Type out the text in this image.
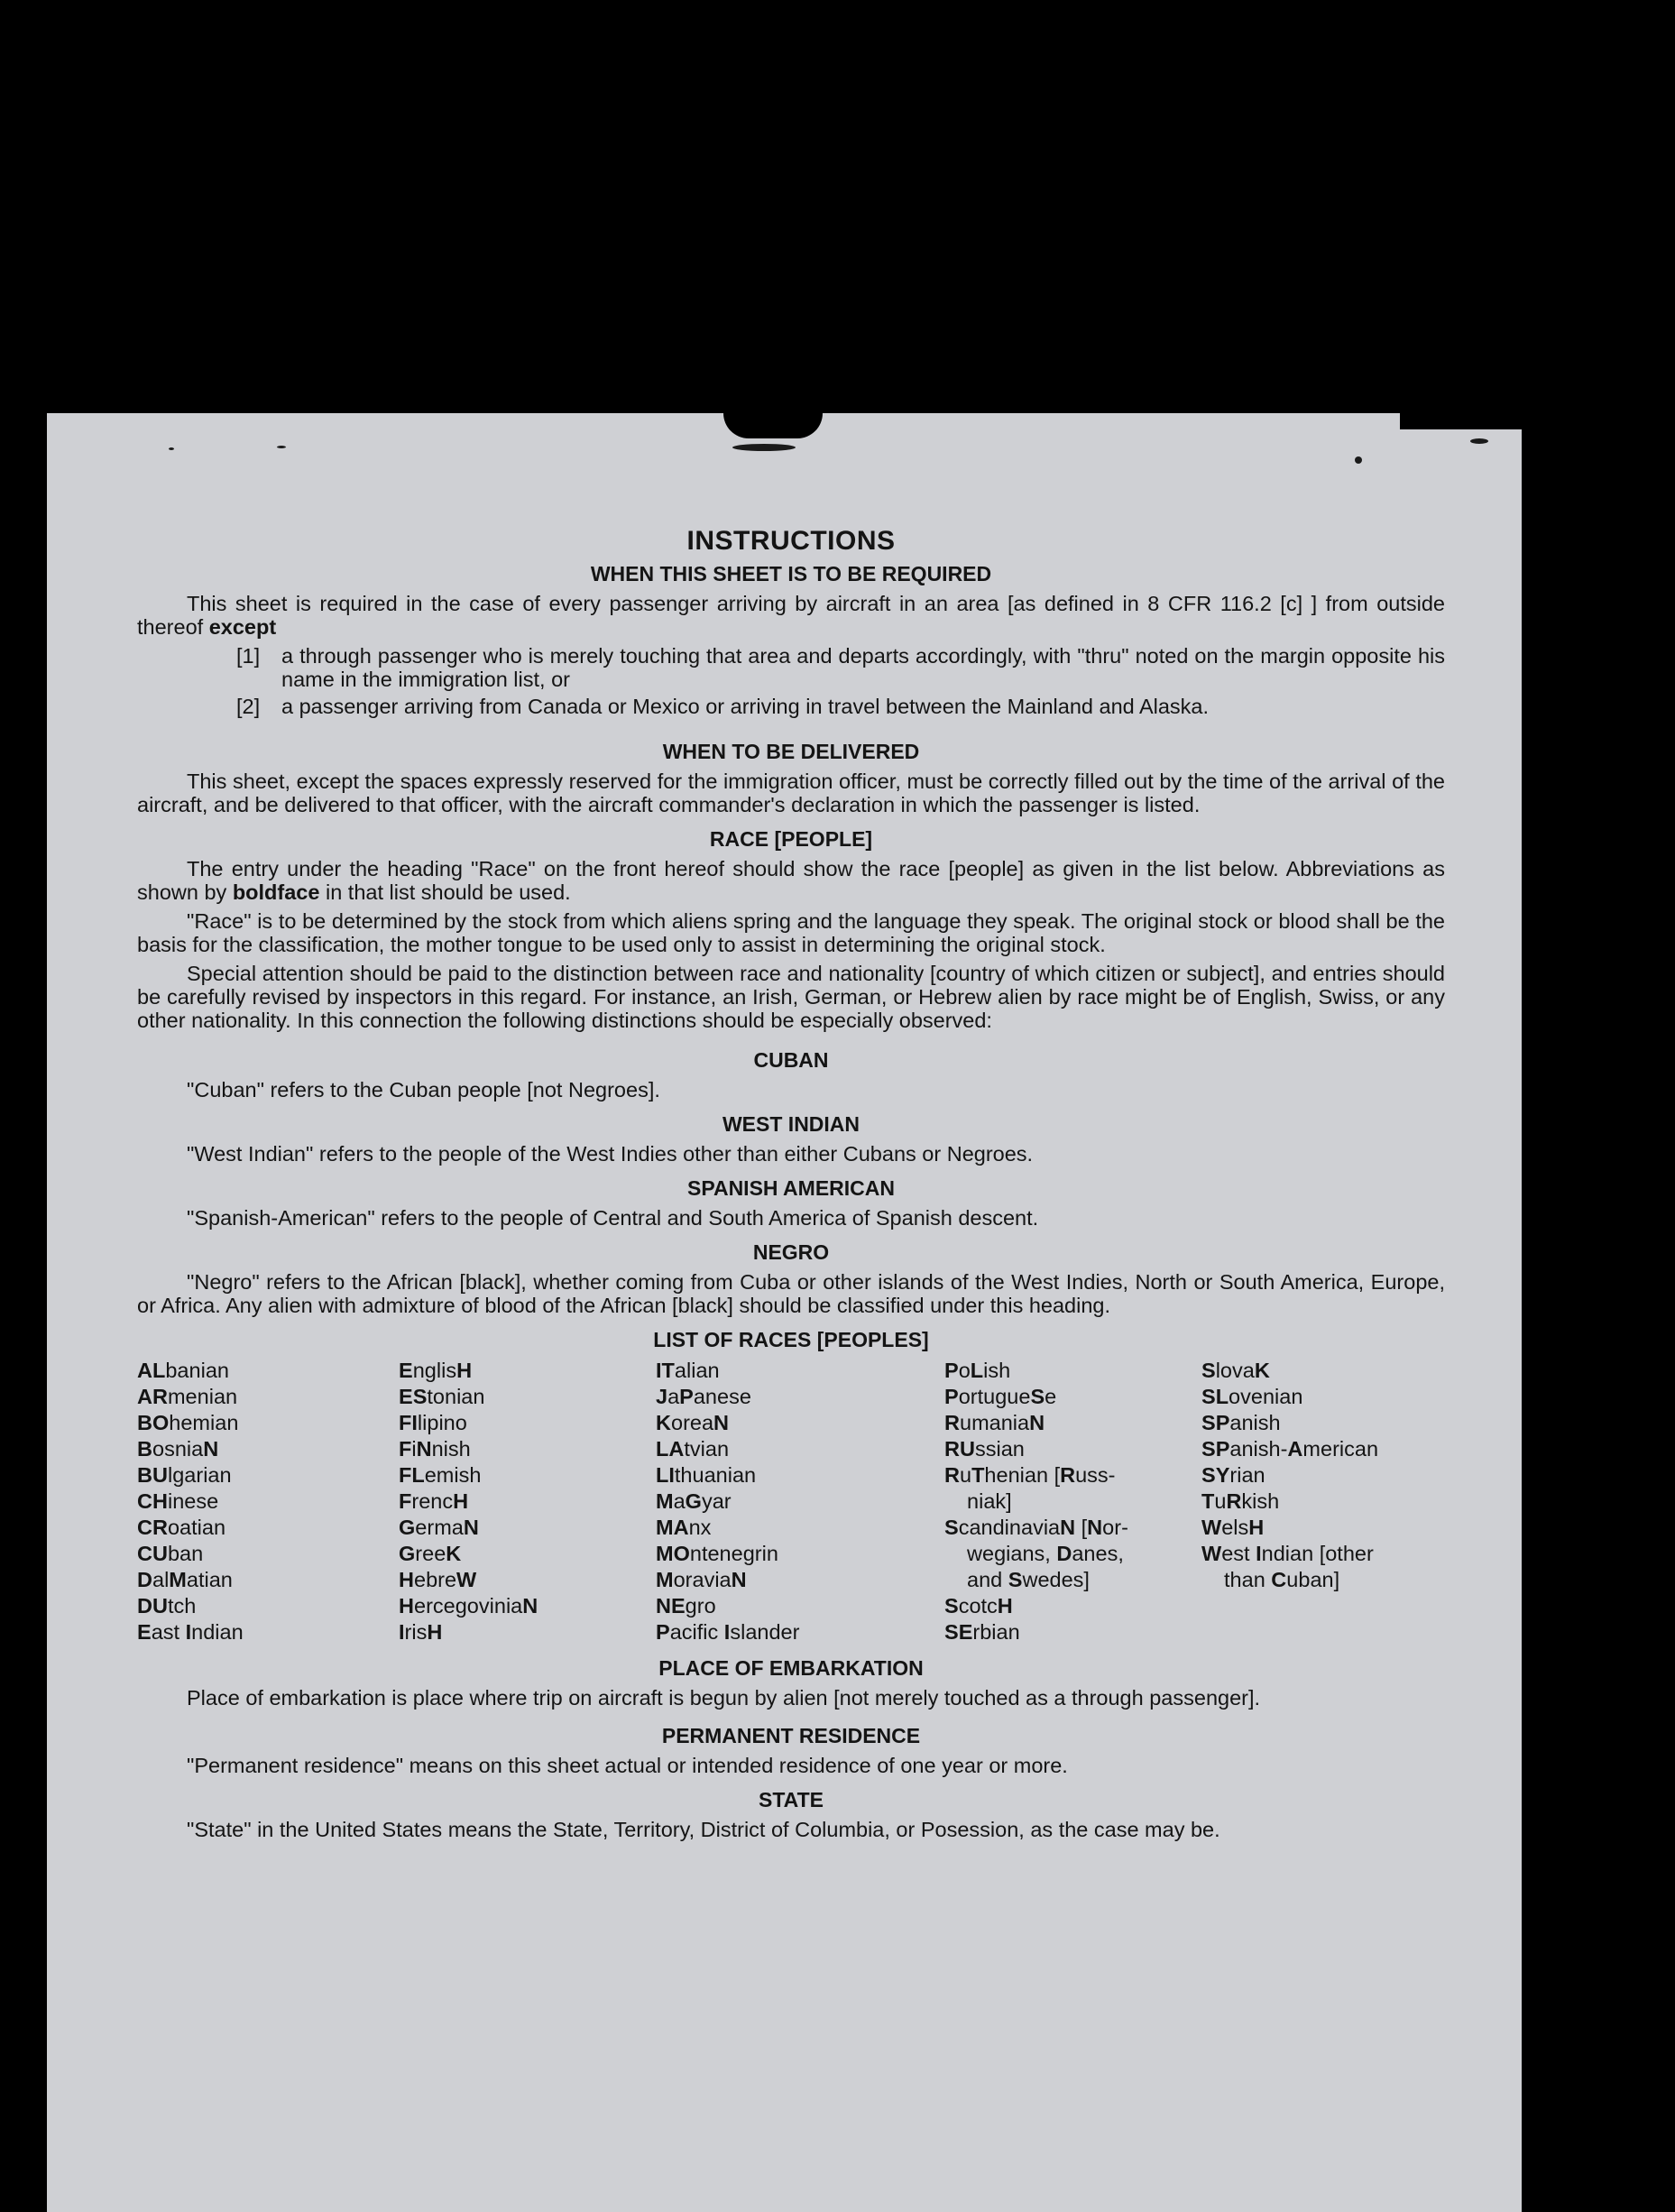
INSTRUCTIONS
WHEN THIS SHEET IS TO BE REQUIRED
This sheet is required in the case of every passenger arriving by aircraft in an area [as defined in 8 CFR 116.2 [c] ] from outside thereof except
[1] a through passenger who is merely touching that area and departs accordingly, with "thru" noted on the margin opposite his name in the immigration list, or
[2] a passenger arriving from Canada or Mexico or arriving in travel between the Mainland and Alaska.
WHEN TO BE DELIVERED
This sheet, except the spaces expressly reserved for the immigration officer, must be correctly filled out by the time of the arrival of the aircraft, and be delivered to that officer, with the aircraft commander's declaration in which the passenger is listed.
RACE [PEOPLE]
The entry under the heading "Race" on the front hereof should show the race [people] as given in the list below. Abbreviations as shown by boldface in that list should be used.
"Race" is to be determined by the stock from which aliens spring and the language they speak. The original stock or blood shall be the basis for the classification, the mother tongue to be used only to assist in determining the original stock.
Special attention should be paid to the distinction between race and nationality [country of which citizen or subject], and entries should be carefully revised by inspectors in this regard. For instance, an Irish, German, or Hebrew alien by race might be of English, Swiss, or any other nationality. In this connection the following distinctions should be especially observed:
CUBAN
"Cuban" refers to the Cuban people [not Negroes].
WEST INDIAN
"West Indian" refers to the people of the West Indies other than either Cubans or Negroes.
SPANISH AMERICAN
"Spanish-American" refers to the people of Central and South America of Spanish descent.
NEGRO
"Negro" refers to the African [black], whether coming from Cuba or other islands of the West Indies, North or South America, Europe, or Africa. Any alien with admixture of blood of the African [black] should be classified under this heading.
LIST OF RACES [PEOPLES]
ALbanian
ARmenian
BOhemian
BosniaN
BUlgarian
CHinese
CRoatian
CUban
DalMatian
DUtch
East Indian
EnglisH
EStonian
FIlipino
FiNnish
FLemish
FrencH
GermaN
GreeK
HebreW
HercegoviniaN
IrisH
ITalian
JaPanese
KoreaN
LAtvian
LIthuanian
MaGyar
MAnx
MOntenegrin
MoraviaN
NEgro
Pacific Islander
PoLish
PortugueSe
RumaniaN
RUssian
RuThenian [Russ-
niak]
ScandinaviaN [Nor-
wegians, Danes,
and Swedes]
ScotcH
SErbian
SlovaK
SLovenian
SPanish
SPanish-American
SYrian
TuRkish
WelsH
West Indian [other
than Cuban]
PLACE OF EMBARKATION
Place of embarkation is place where trip on aircraft is begun by alien [not merely touched as a through passenger].
PERMANENT RESIDENCE
"Permanent residence" means on this sheet actual or intended residence of one year or more.
STATE
"State" in the United States means the State, Territory, District of Columbia, or Posession, as the case may be.
